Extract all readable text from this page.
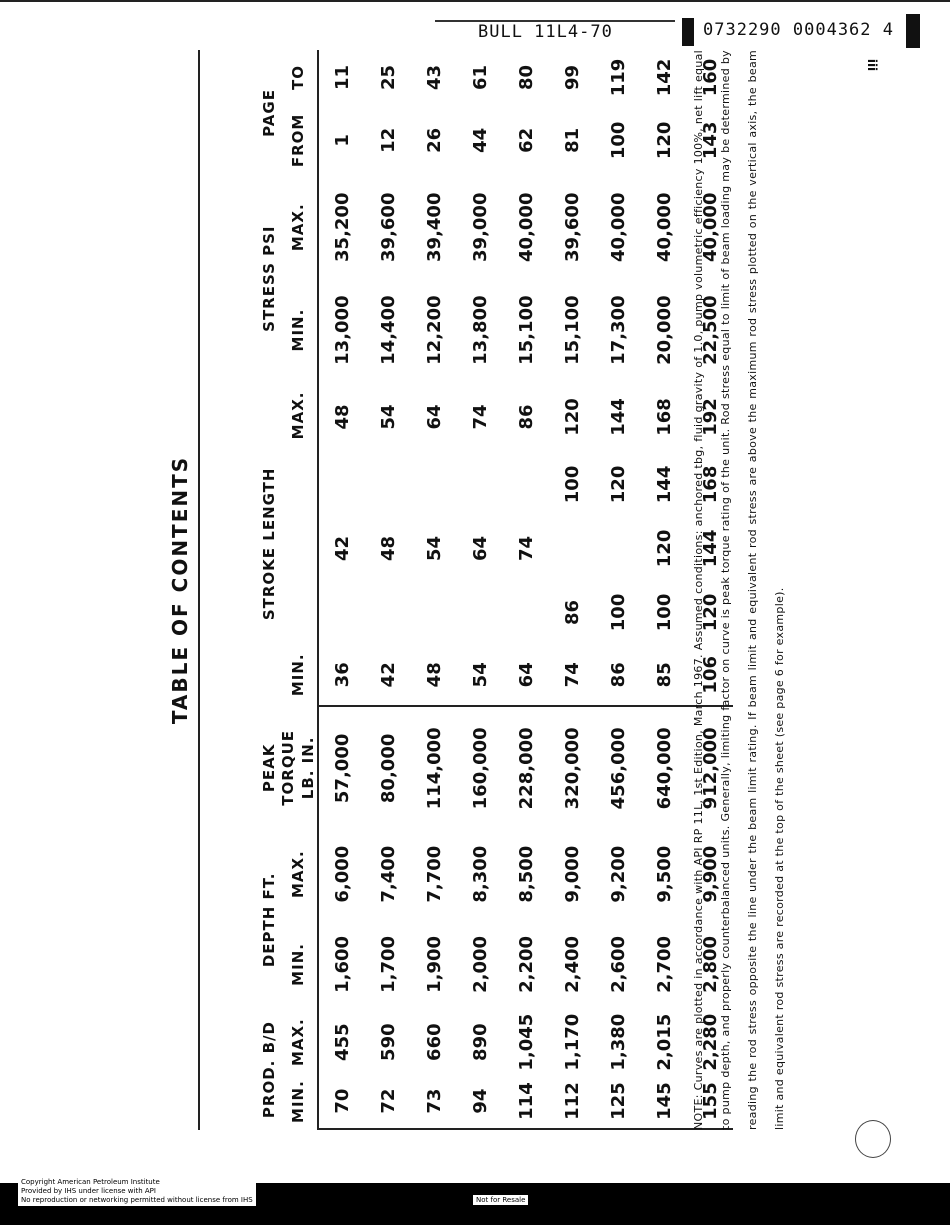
BULL 11L4-70	0732290 0004362 4
iii
TABLE OF CONTENTS
PROD. B/D		DEPTH FT.		PEAK	STROKE LENGTH					STRESS PSI		PAGE	
MIN.	MAX.	MIN.	MAX.	TORQUE	MIN.				MAX.	MIN.	MAX.	FROM	TO
				LB. IN.									
70	455	1,600	6,000	57,000	36		42		48	13,000	35,200	1	11
72	590	1,700	7,400	80,000	42		48		54	14,400	39,600	12	25
73	660	1,900	7,700	114,000	48		54		64	12,200	39,400	26	43
94	890	2,000	8,300	160,000	54		64		74	13,800	39,000	44	61
114	1,045	2,200	8,500	228,000	64		74		86	15,100	40,000	62	80
112	1,170	2,400	9,000	320,000	74	86		100	120	15,100	39,600	81	99
125	1,380	2,600	9,200	456,000	86	100		120	144	17,300	40,000	100	119
145	2,015	2,700	9,500	640,000	85	100	120	144	168	20,000	40,000	120	142
155	2,280	2,800	9,900	912,000	106	120	144	168	192	22,500	40,000	143	160
NOTE: Curves are plotted in accordance with API RP 11L, 1st Edition, March 1967. Assumed conditions: anchored tbg, fluid gravity of 1.0, pump volumetric efficiency 100%, net lift equal to pump depth, and properly counterbalanced units. Generally, limiting factor on curve is peak torque rating of the unit. Rod stress equal to limit of beam loading may be determined by reading the rod stress opposite the line under the beam limit rating. If beam limit and equivalent rod stress are above the maximum rod stress plotted on the vertical axis, the beam limit and equivalent rod stress are recorded at the top of the sheet (see page 6 for example).
Copyright American Petroleum Institute
Provided by IHS under license with API
No reproduction or networking permitted without license from IHS	Not for Resale
